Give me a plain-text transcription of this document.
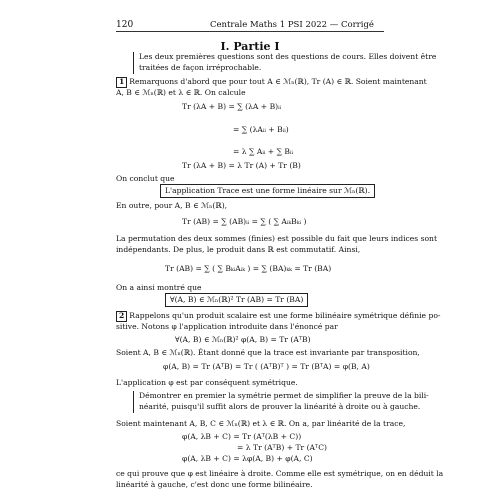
120	Centrale Maths 1 PSI 2022 — Corrigé
I. Partie I
Les deux premières questions sont des questions de cours. Elles doivent être
traitées de façon irréprochable.
1 Remarquons d'abord que pour tout A ∈ ℳₙ(ℝ), Tr (A) ∈ ℝ. Soient maintenant
A, B ∈ ℳₙ(ℝ) et λ ∈ ℝ. On calcule
Tr (λA + B) = ∑ (λA + B)ᵢᵢ
= ∑ (λAᵢᵢ + Bᵢᵢ)
= λ ∑ Aᵢᵢ + ∑ Bᵢᵢ
Tr (λA + B) = λ Tr (A) + Tr (B)
On conclut que
L'application Trace est une forme linéaire sur ℳₙ(ℝ).
En outre, pour A, B ∈ ℳₙ(ℝ),
Tr (AB) = ∑ (AB)ᵢᵢ = ∑ ( ∑ AᵢₖBₖᵢ )
La permutation des deux sommes (finies) est possible du fait que leurs indices sont
indépendants. De plus, le produit dans ℝ est commutatif. Ainsi,
Tr (AB) = ∑ ( ∑ BₖᵢAᵢₖ ) = ∑ (BA)ₖₖ = Tr (BA)
On a ainsi montré que
∀(A, B) ∈ ℳₙ(ℝ)² Tr (AB) = Tr (BA)
2 Rappelons qu'un produit scalaire est une forme bilinéaire symétrique définie po-
sitive. Notons φ l'application introduite dans l'énoncé par
∀(A, B) ∈ ℳₙ(ℝ)² φ(A, B) = Tr (AᵀB)
Soient A, B ∈ ℳₙ(ℝ). Étant donné que la trace est invariante par transposition,
φ(A, B) = Tr (AᵀB) = Tr ( (AᵀB)ᵀ ) = Tr (BᵀA) = φ(B, A)
L'application φ est par conséquent symétrique.
Démontrer en premier la symétrie permet de simplifier la preuve de la bili-
néarité, puisqu'il suffit alors de prouver la linéarité à droite ou à gauche.
Soient maintenant A, B, C ∈ ℳₙ(ℝ) et λ ∈ ℝ. On a, par linéarité de la trace,
φ(A, λB + C) = Tr (Aᵀ(λB + C))
= λ Tr (AᵀB) + Tr (AᵀC)
φ(A, λB + C) = λφ(A, B) + φ(A, C)
ce qui prouve que φ est linéaire à droite. Comme elle est symétrique, on en déduit la
linéarité à gauche, c'est donc une forme bilinéaire.
